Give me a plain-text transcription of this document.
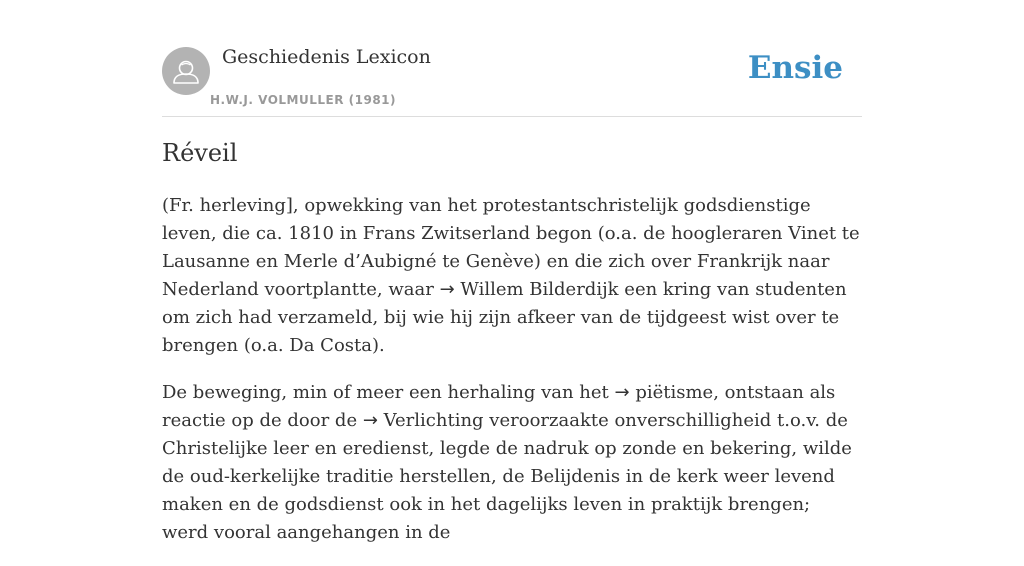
Geschiedenis Lexicon
H.W.J. VOLMULLER (1981)
Ensie
Réveil

(Fr. herleving], opwekking van het protestantschristelijk godsdienstige leven, die ca. 1810 in Frans Zwitserland begon (o.a. de hoogleraren Vinet te Lausanne en Merle d’Aubigné te Genève) en die zich over Frankrijk naar Nederland voortplantte, waar → Willem Bilderdijk een kring van studenten om zich had verzameld, bij wie hij zijn afkeer van de tijdgeest wist over te brengen (o.a. Da Costa).

De beweging, min of meer een herhaling van het → piëtisme, ontstaan als reactie op de door de → Verlichting veroorzaakte onverschilligheid t.o.v. de Christelijke leer en eredienst, legde de nadruk op zonde en bekering, wilde de oud-kerkelijke traditie herstellen, de Belijdenis in de kerk weer levend maken en de godsdienst ook in het dagelijks leven in praktijk brengen; werd vooral aangehangen in de
